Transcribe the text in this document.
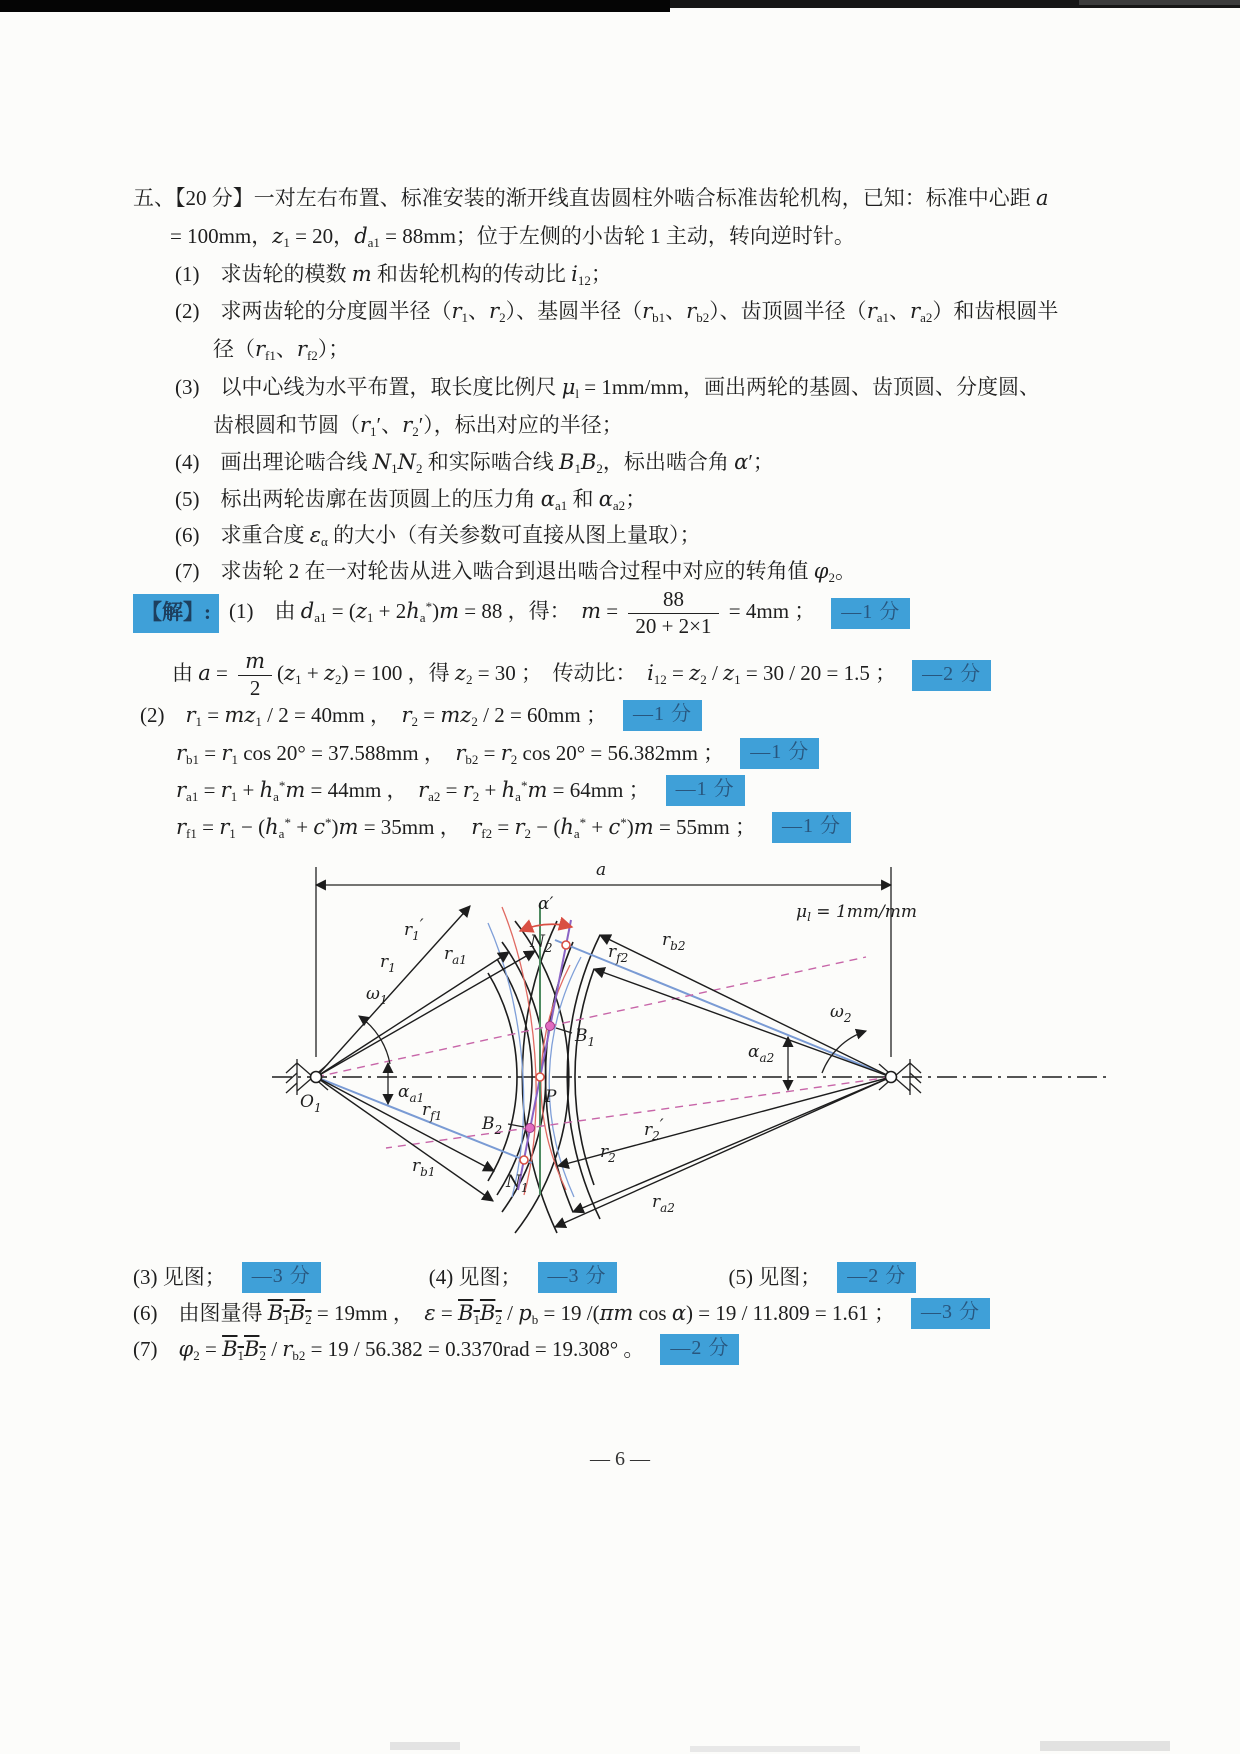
五、【20 分】一对左右布置、标准安装的渐开线直齿圆柱外啮合标准齿轮机构，已知：标准中心距 a
= 100mm，$z_1 = 20$，$d_{a1} = 88mm$；位于左侧的小齿轮 1 主动，转向逆时针。
(1)　求齿轮的模数 m 和齿轮机构的传动比 $i_{12}$；
(2)　求两齿轮的分度圆半径（$r_1$、$r_2$）、基圆半径（$r_{b1}$、$r_{b2}$）、齿顶圆半径（$r_{a1}$、$r_{a2}$）和齿根圆半
径（$r_{f1}$、$r_{f2}$）；
(3)　以中心线为水平布置，取长度比例尺 $\mu_l = 1mm/mm$，画出两轮的基圆、齿顶圆、分度圆、
齿根圆和节圆（$r_1'$、$r_2'$），标出对应的半径；
(4)　画出理论啮合线 $N_1N_2$ 和实际啮合线 $B_1B_2$，标出啮合角 α′；
(5)　标出两轮齿廓在齿顶圆上的压力角 $\alpha_{a1}$ 和 $\alpha_{a2}$；
(6)　求重合度 $\varepsilon_\alpha$ 的大小（有关参数可直接从图上量取）；
(7)　求齿轮 2 在一对轮齿从进入啮合到退出啮合过程中对应的转角值 $\varphi_2$。
【解】: (1)　由 $d_{a1} = (z_1 + 2h_a^*)m = 88$ ，得：　$m = \frac{88}{20 + 2\times 1} = 4mm$ ；	—1 分
由 $a = \frac{m}{2} (z_1 + z_2) = 100$ ，得 $z_2 = 30$ ；　传动比：　$i_{12} = z_2 / z_1 = 30 / 20 = 1.5$ ；	—2 分
(2)　$r_1 = mz_1 / 2 = 40mm$ ，　$r_2 = mz_2 / 2 = 60mm$ ；	—1 分
$r_{b1} = r_1$ cos 20° = 37.588mm ，　$r_{b2} = r_2$ cos 20° = 56.382mm ；	—1 分
$r_{a1} = r_1 + h_a^*m = 44mm$ ，　$r_{a2} = r_2 + h_a^*m = 64mm$ ；	—1 分
$r_{f1} = r_1 - (h_a^* + c^*)m = 35mm$ ，　$r_{f2} = r_2 - (h_a^* + c^*)m = 55mm$ ；	—1 分
a
$\mu_l = 1mm/mm$
α′
$\omega_1$
$\omega_2$
$\alpha_{a1}$
$\alpha_{a2}$
$r_1'$
$r_1$
$r_{a1}$
$r_{f1}$
$r_{b1}$
$r_{f2}$
$r_{b2}$
$r_2$
$r_2'$
$r_{a2}$
$O_1$
$N_2$
$B_1$
P
$B_2$
$N_1$
(3) 见图；	—3 分	(4) 见图；	—3 分	(5) 见图；	—2 分
(6)　由图量得 $B_1B_2 = 19mm$ ，　$\varepsilon = B_1B_2 / p_b = 19$ /(πm cos α) = 19 / 11.809 = 1.61 ；	—3 分
(7)　$\varphi_2 = B_1B_2 / r_{b2} = 19 / 56.382 = 0.3370rad = 19.308^\circ$ 。	—2 分
— 6 —
